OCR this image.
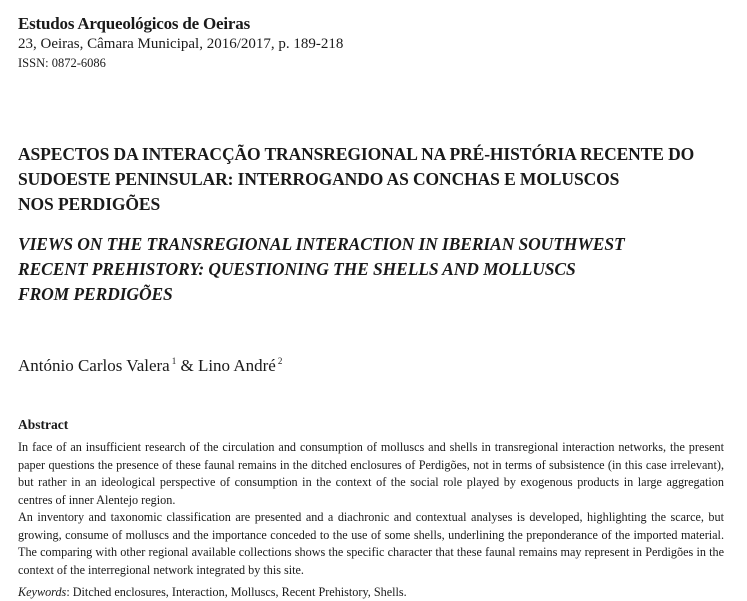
Estudos Arqueológicos de Oeiras
23, Oeiras, Câmara Municipal, 2016/2017, p. 189-218
ISSN: 0872-6086
ASPECTOS DA INTERACÇÃO TRANSREGIONAL NA PRÉ-HISTÓRIA RECENTE DO
SUDOESTE PENINSULAR: INTERROGANDO AS CONCHAS E MOLUSCOS
NOS PERDIGÕES
VIEWS ON THE TRANSREGIONAL INTERACTION IN IBERIAN SOUTHWEST
RECENT PREHISTORY: QUESTIONING THE SHELLS AND MOLLUSCS
FROM PERDIGÕES
António Carlos Valera $^1$ & Lino André $^2$
Abstract

In face of an insufficient research of the circulation and consumption of molluscs and shells in transregional interaction networks, the present paper questions the presence of these faunal remains in the ditched enclosures of Perdigões, not in terms of subsistence (in this case irrelevant), but rather in an ideological perspective of consumption in the context of the social role played by exogenous products in large aggregation centres of inner Alentejo region.

An inventory and taxonomic classification are presented and a diachronic and contextual analyses is developed, highlighting the scarce, but growing, consume of molluscs and the importance conceded to the use of some shells, underlining the preponderance of the imported material. The comparing with other regional available collections shows the specific character that these faunal remains may represent in Perdigões in the context of the interregional network integrated by this site.

Keywords: Ditched enclosures, Interaction, Molluscs, Recent Prehistory, Shells.
